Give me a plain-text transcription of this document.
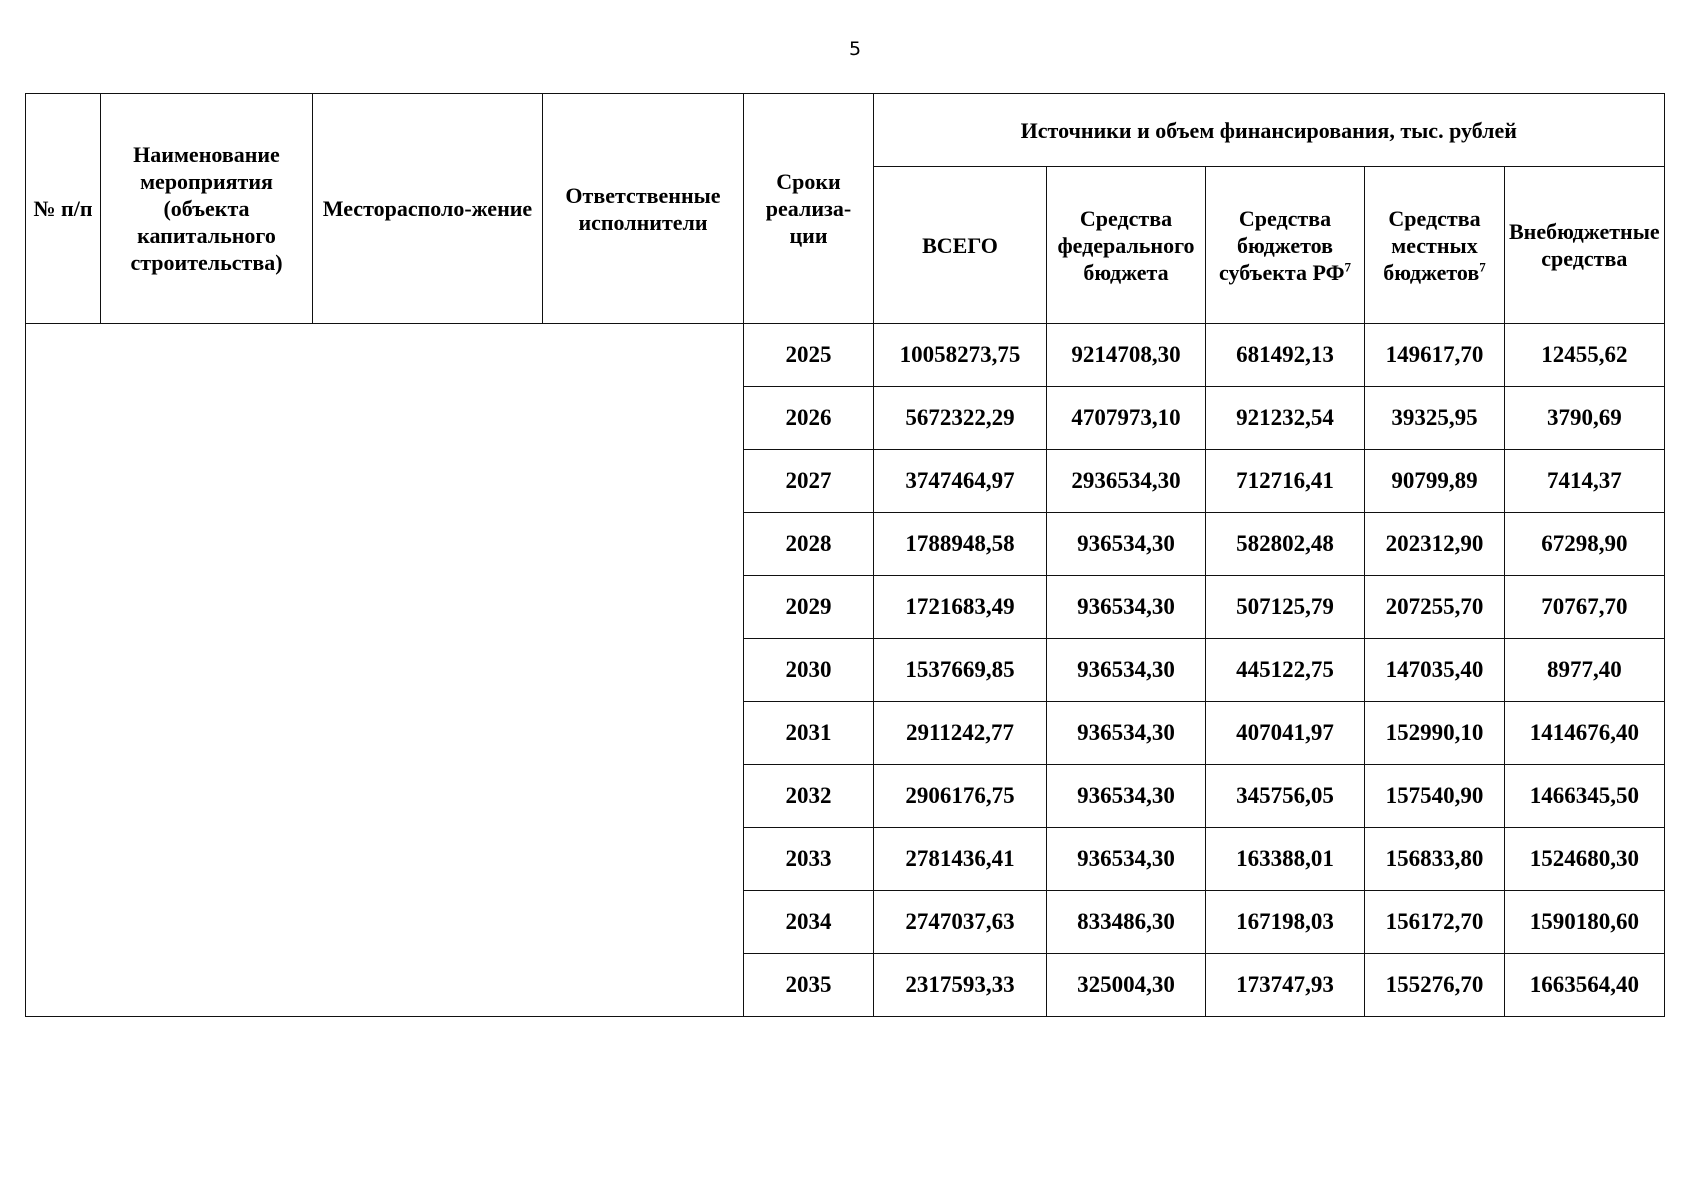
5
№ п/п	Наименование мероприятия (объекта капитального строительства)	Месторасполо-жение	Ответственные исполнители	Сроки реализа-ции	Источники и объем финансирования, тыс. рублей				
					ВСЕГО	Средства федерального бюджета	Средства бюджетов субъекта $РФ^7$	Средства местных бюджетов$^7$	Внебюджетные средства
				2025	10058273,75	9214708,30	681492,13	149617,70	12455,62
				2026	5672322,29	4707973,10	921232,54	39325,95	3790,69
				2027	3747464,97	2936534,30	712716,41	90799,89	7414,37
				2028	1788948,58	936534,30	582802,48	202312,90	67298,90
				2029	1721683,49	936534,30	507125,79	207255,70	70767,70
				2030	1537669,85	936534,30	445122,75	147035,40	8977,40
				2031	2911242,77	936534,30	407041,97	152990,10	1414676,40
				2032	2906176,75	936534,30	345756,05	157540,90	1466345,50
				2033	2781436,41	936534,30	163388,01	156833,80	1524680,30
				2034	2747037,63	833486,30	167198,03	156172,70	1590180,60
				2035	2317593,33	325004,30	173747,93	155276,70	1663564,40
